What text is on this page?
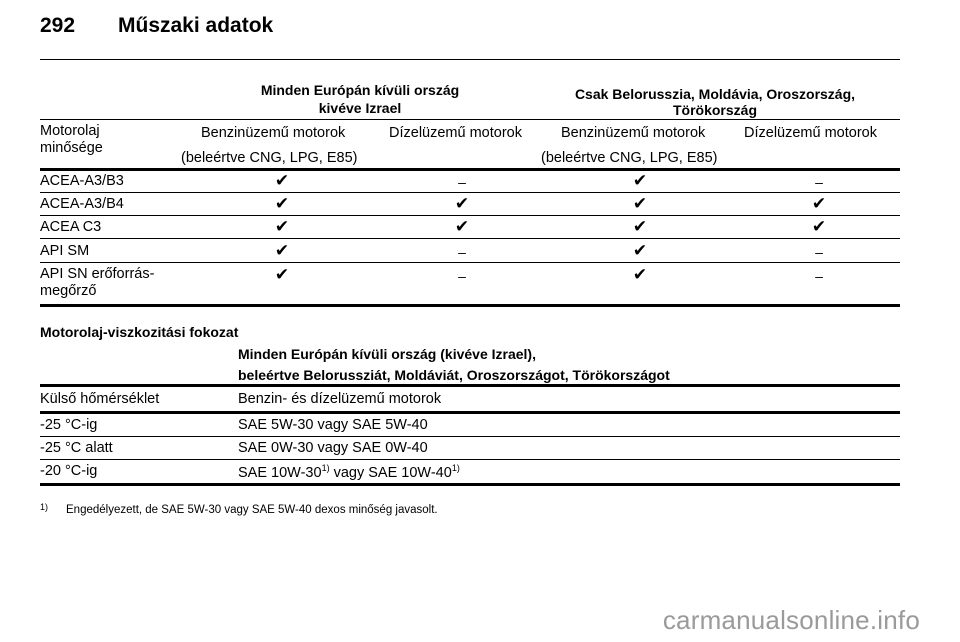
292 Műszaki adatok
Minden Európán kívüli ország
kivéve Izrael
Csak Belorusszia, Moldávia, Oroszország,
Törökország
Motorolaj
minősége
Benzinüzemű motorok	Dízelüzemű motorok	Benzinüzemű motorok	Dízelüzemű motorok
(beleértve CNG, LPG, E85)	(beleértve CNG, LPG, E85)
ACEA-A3/B3	✔	–	✔	–
ACEA-A3/B4	✔	✔	✔	✔
ACEA C3	✔	✔	✔	✔
API SM	✔	–	✔	–
API SN erőforrás-
megőrző
✔	–	✔	–
Motorolaj-viszkozitási fokozat
Minden Európán kívüli ország (kivéve Izrael),
beleértve Belorussziát, Moldáviát, Oroszországot, Törökországot
Külső hőmérséklet	Benzin- és dízelüzemű motorok
-25 °C-ig	SAE 5W-30 vagy SAE 5W-40
-25 °C alatt	SAE 0W-30 vagy SAE 0W-40
-20 °C-ig	SAE 10W-30$^{1)}$ vagy SAE 10W-40$^{1)}$
1) Engedélyezett, de SAE 5W-30 vagy SAE 5W-40 dexos minőség javasolt.
carmanualsonline.info
